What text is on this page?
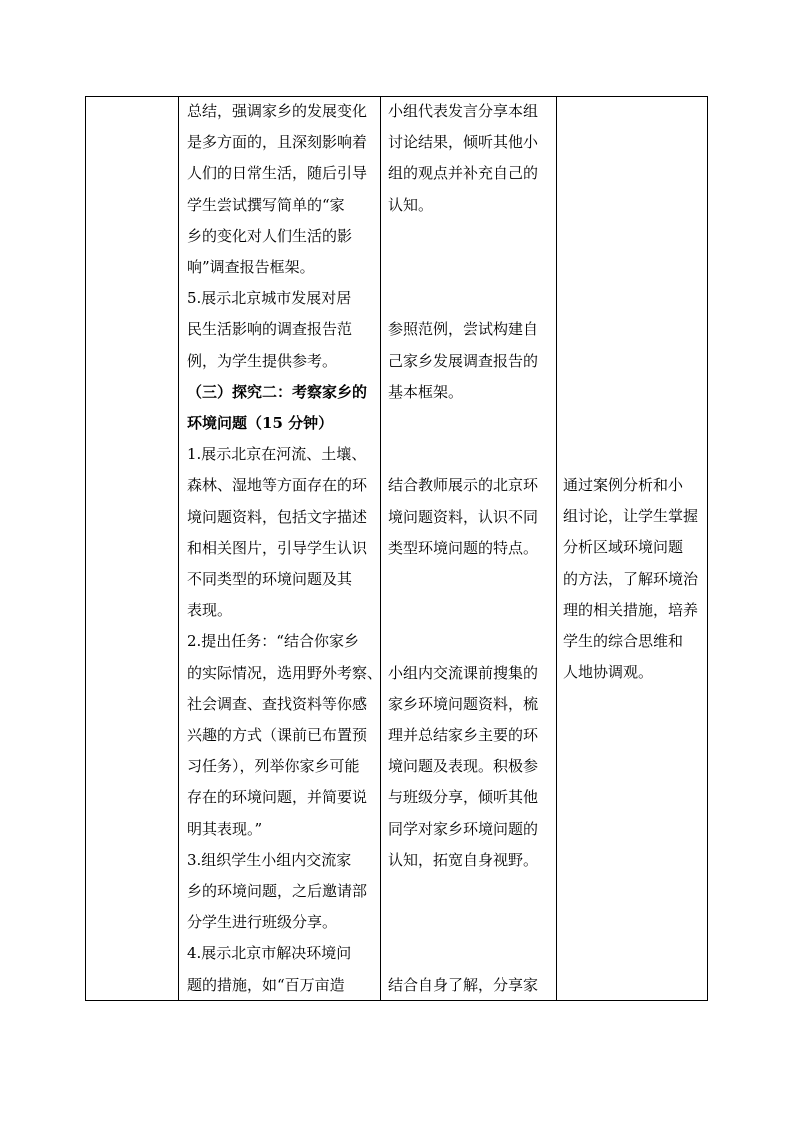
总结，强调家乡的发展变化

是多方面的，且深刻影响着

人们的日常生活，随后引导

学生尝试撰写简单的“家

乡的变化对人们生活的影

响”调查报告框架。

5.展示北京城市发展对居

民生活影响的调查报告范

例，为学生提供参考。

（三）探究二：考察家乡的

环境问题（15 分钟）

1.展示北京在河流、土壤、

森林、湿地等方面存在的环

境问题资料，包括文字描述

和相关图片，引导学生认识

不同类型的环境问题及其

表现。

2.提出任务：“结合你家乡

的实际情况，选用野外考察、

社会调查、查找资料等你感

兴趣的方式（课前已布置预

习任务），列举你家乡可能

存在的环境问题，并简要说

明其表现。”

3.组织学生小组内交流家

乡的环境问题，之后邀请部

分学生进行班级分享。

4.展示北京市解决环境问

题的措施，如“百万亩造

小组代表发言分享本组

讨论结果，倾听其他小

组的观点并补充自己的

认知。

参照范例，尝试构建自

己家乡发展调查报告的

基本框架。

结合教师展示的北京环

境问题资料，认识不同

类型环境问题的特点。

小组内交流课前搜集的

家乡环境问题资料，梳

理并总结家乡主要的环

境问题及表现。积极参

与班级分享，倾听其他

同学对家乡环境问题的

认知，拓宽自身视野。

结合自身了解，分享家

通过案例分析和小

组讨论，让学生掌握

分析区域环境问题

的方法，了解环境治

理的相关措施，培养

学生的综合思维和

人地协调观。
